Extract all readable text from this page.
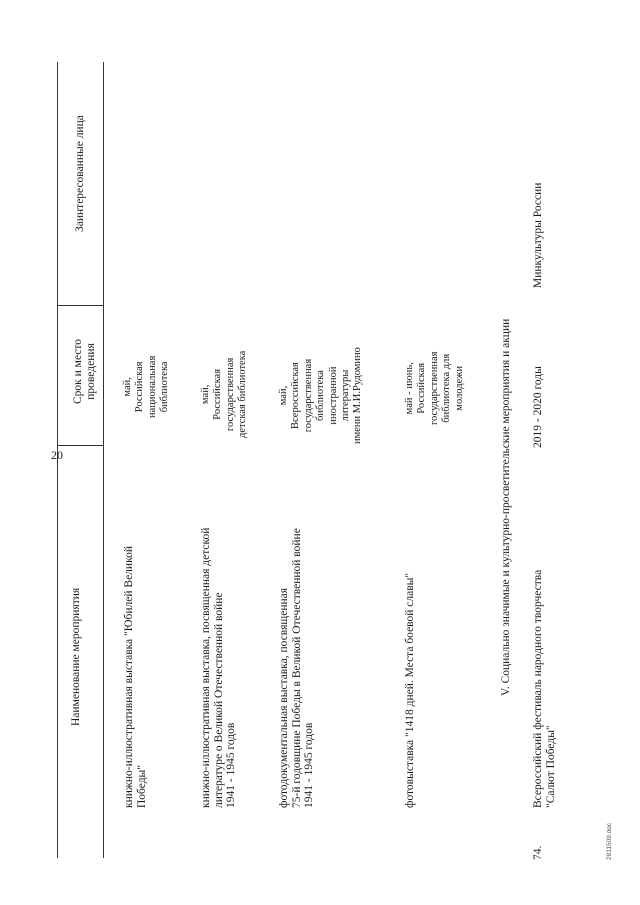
20
Наименование мероприятия
Срок и место проведения
Заинтересованные лица
книжно-иллюстративная выставка "Юбилей Великой Победы"
май, Российская национальная библиотека
книжно-иллюстративная выставка, посвященная детской литературе о Великой Отечественной войне 1941 - 1945 годов
май, Российская государственная детская библиотека
фотодокументальная выставка, посвященная 75-й годовщине Победы в Великой Отечественной войне 1941 - 1945 годов
май, Всероссийская государственная библиотека иностранной литературы имени М.И.Рудомино
фотовыставка "1418 дней. Места боевой славы"
май - июнь, Российская государственная библиотека для молодежи	V. Социально значимые и культурно-просветительские мероприятия и акции
74.
Всероссийский фестиваль народного творчества "Салют Победы"
2019 - 2020 годы
Минкультуры России
2811509.doc
